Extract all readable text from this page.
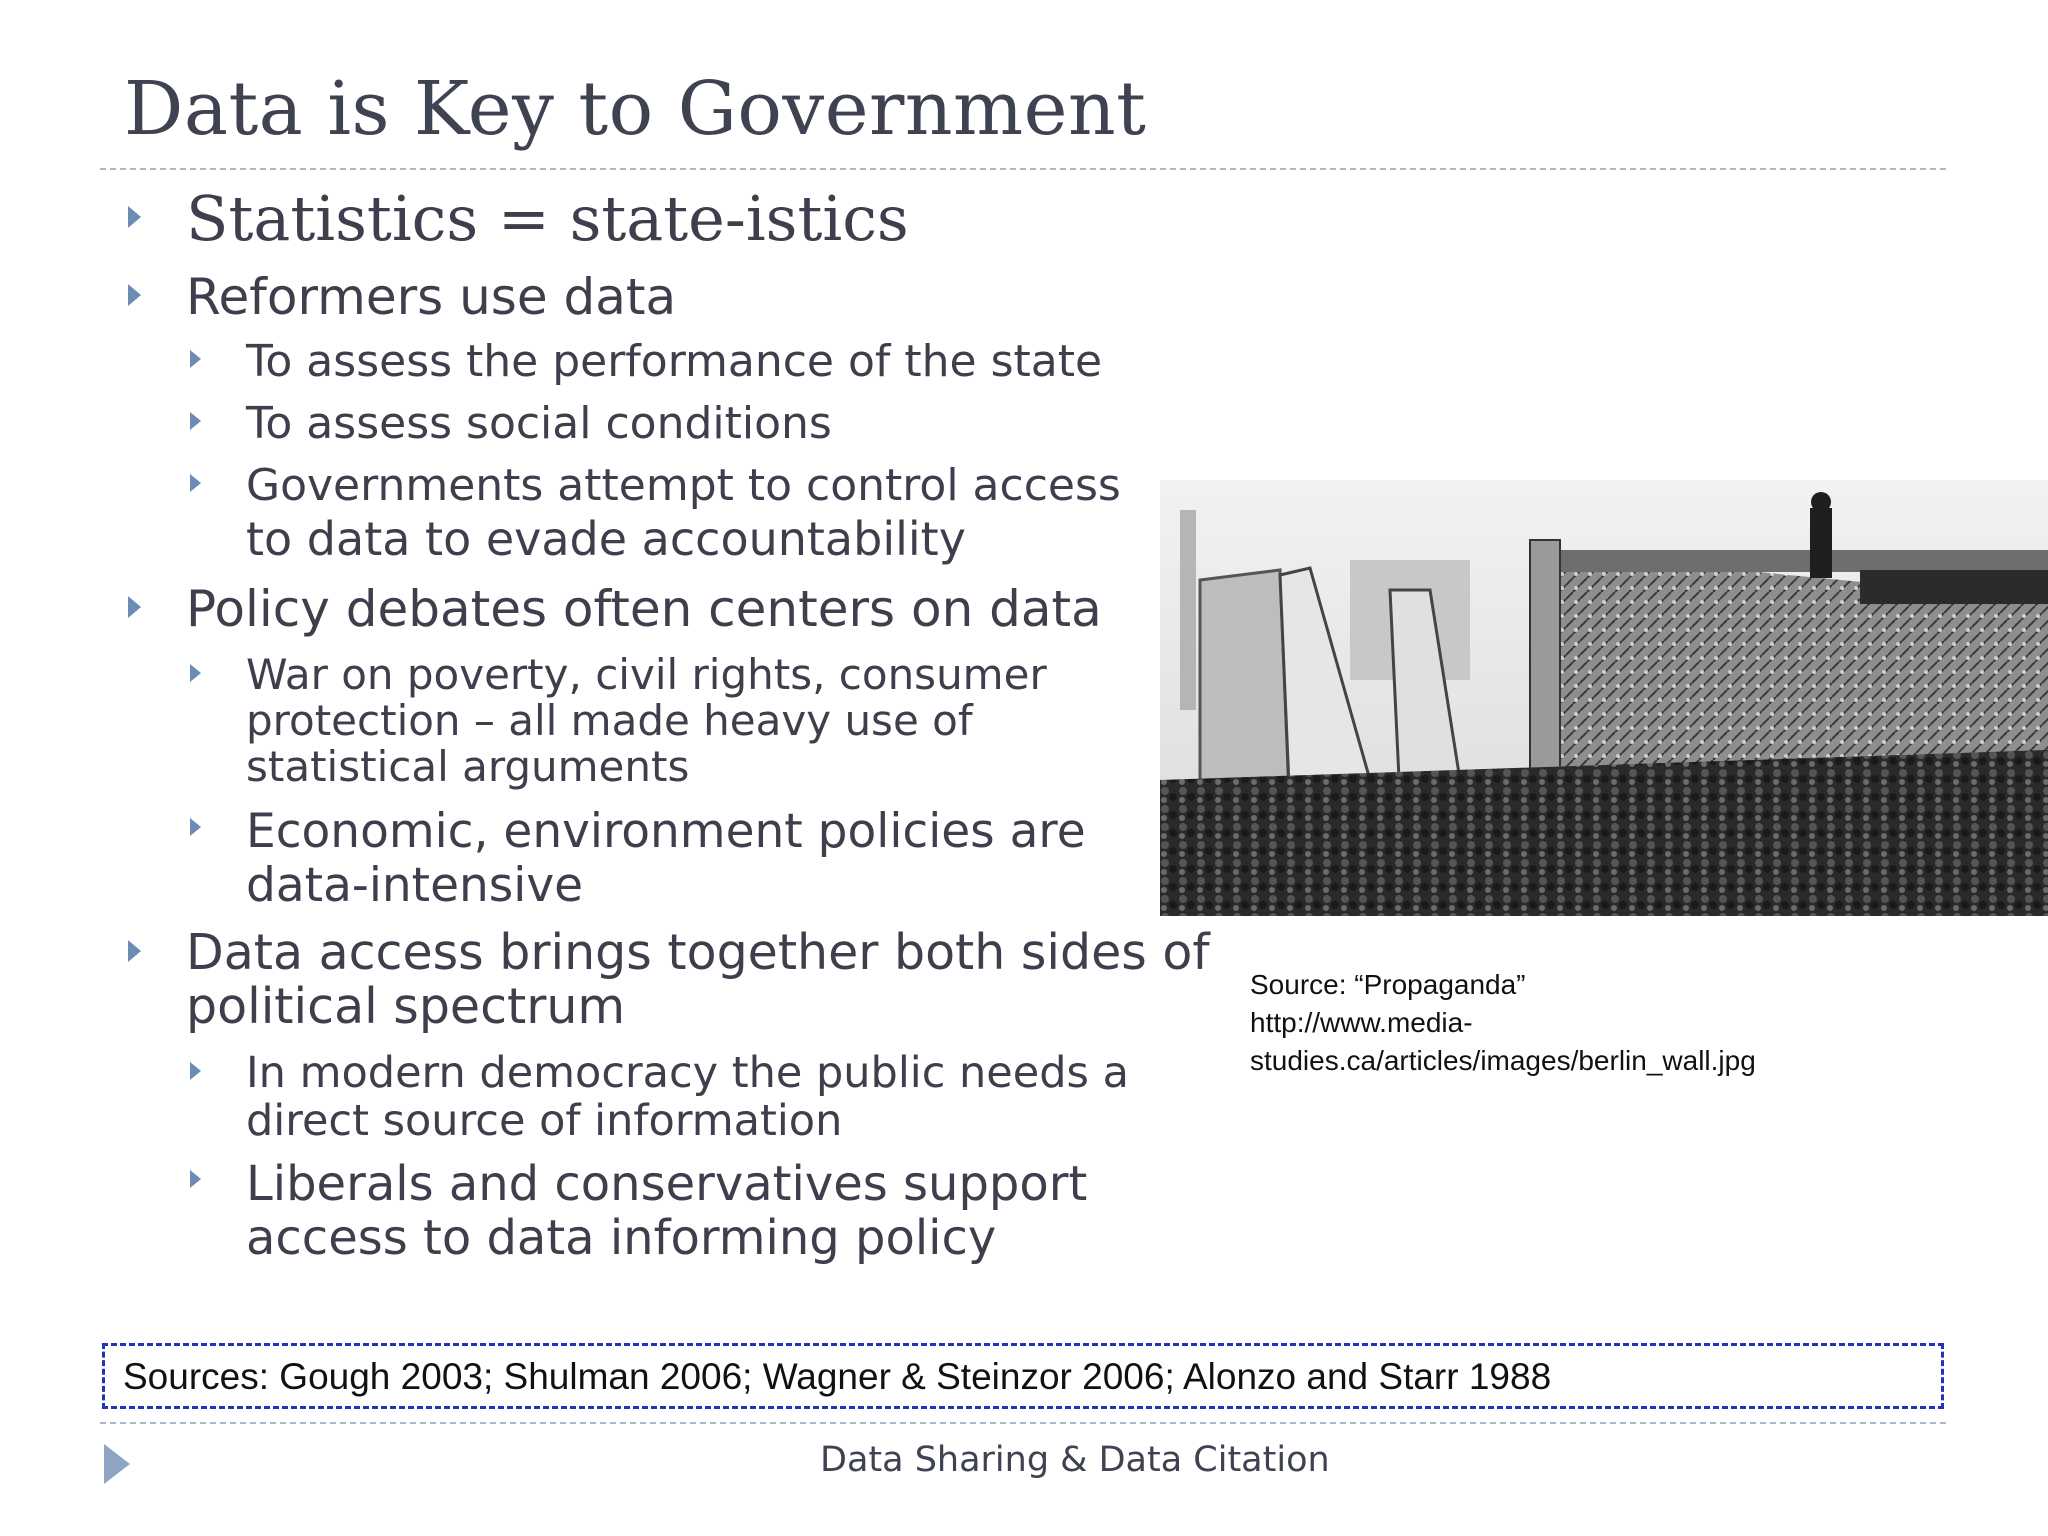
Data is Key to Government
Statistics = state-istics
Reformers use data
To assess the performance of the state
To assess social conditions
Governments attempt to control access
to data to evade accountability
Policy debates often centers on data
War on poverty, civil rights, consumer
protection – all made heavy use of
statistical arguments
Economic, environment policies are
data-intensive
Data access brings together both sides of
political spectrum
In modern democracy the public needs a
direct source of information
Liberals and conservatives support
access to data informing policy
Source: “Propaganda”
http://www.media-
studies.ca/articles/images/berlin_wall.jpg
Sources: Gough 2003; Shulman 2006; Wagner & Steinzor 2006; Alonzo and Starr 1988
Data Sharing & Data Citation
